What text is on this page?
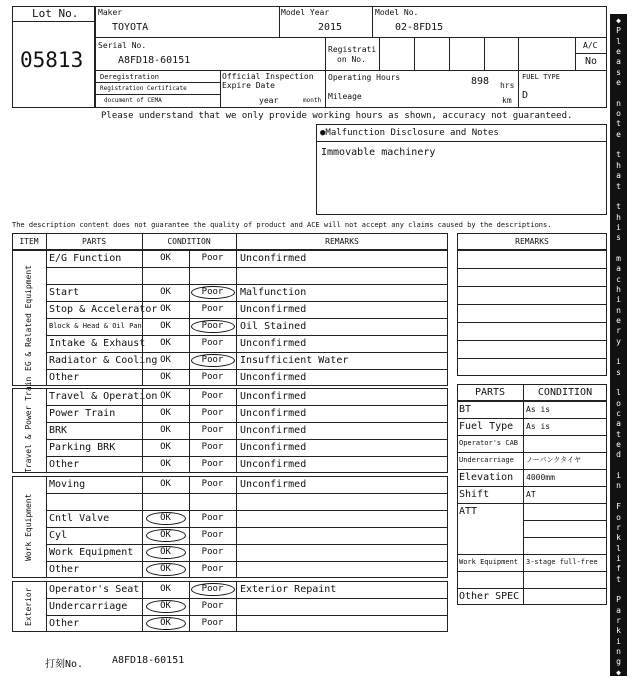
Lot No.
05813
Maker
TOYOTA
Model Year
2015
Model No.
02-8FD15
Serial No.
A8FD18-60151
Registrati
on No.
A/C
No
Deregistration
Registration Certificate
document of CEMA
Official Inspection
Expire Date
year	month
Operating Hours	898 hrs
Mileage	km
FUEL TYPE
D
Please understand that we only provide working hours as shown, accuracy not guaranteed.
●Malfunction Disclosure and Notes
Immovable machinery
The description content does not guarantee the quality of product and ACE will not accept any claims caused by the descriptions.
ITEM	PARTS	CONDITION	REMARKS
EG & Related Equipment
E/G Function	OK	Poor	Unconfirmed
Start	OK	Poor	Malfunction
Stop & Accelerator OK	Poor	Unconfirmed
Block & Head & Oil Pan	OK	Poor	Oil Stained
Intake & Exhaust	OK	Poor	Unconfirmed
Radiator & Cooling OK	Poor	Insufficient Water
Other	OK	Poor	Unconfirmed
Travel & Power Train	Travel & Operation OK	Poor	Unconfirmed
Power Train	OK	Poor	Unconfirmed
BRK	OK	Poor	Unconfirmed
Parking BRK	OK	Poor	Unconfirmed
Other	OK	Poor	Unconfirmed
Work Equipment
Moving	OK	Poor	Unconfirmed
Cntl Valve	OK	Poor
Cyl	OK	Poor
Work Equipment	OK	Poor
Other	OK	Poor
Exterior	Operator's Seat	OK	Poor	Exterior Repaint
Undercarriage	OK	Poor
Other	OK	Poor
REMARKS
PARTS	CONDITION
BT	As is
Fuel Type	As is
Operator's CAB
Undercarriage	ノーパンクタイヤ
Elevation	4000mm
Shift	AT
ATT
Work Equipment	3-stage full-free
Other SPEC
◆
P
l
e
a
s
e
n
o
t
e
t
h
a
t
t
h
i
s
m
a
c
h
i
n
e
r
y
i
s
l
o
c
a
t
e
d
i
n
F
o
r
k
l
i
f
t
P
a
r
k
i
n
g
◆
打刻No.	A8FD18-60151
